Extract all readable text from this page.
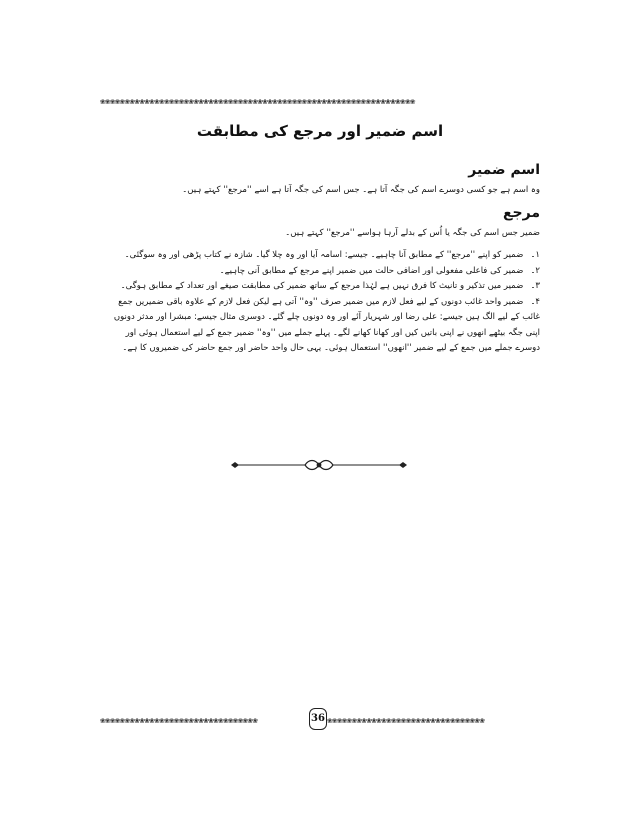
❀❀❀❀❀❀❀❀❀❀❀❀❀❀❀❀❀❀❀❀❀❀❀❀❀❀❀❀❀❀❀❀❀❀❀❀❀❀❀❀❀❀❀❀❀❀❀❀❀❀❀❀❀❀❀❀❀❀❀❀❀❀❀❀
اسم ضمیر اور مرجع کی مطابقت
اسم ضمیر

وہ اسم ہے جو کسی دوسرے اسم کی جگہ آتا ہے۔ جس اسم کی جگہ آتا ہے اسے ''مرجع'' کہتے ہیں۔

مرجع

ضمیر جس اسم کی جگہ یا اُس کے بدلے آرہا ہواسے ''مرجع'' کہتے ہیں۔

۱۔ ضمیر کو اپنے ''مرجع'' کے مطابق آنا چاہیے۔ جیسے: اسامہ آیا اور وہ چلا گیا۔ شازہ نے کتاب پڑھی اور وہ سوگئی۔

۲۔ ضمیر کی فاعلی مفعولی اور اضافی حالت میں ضمیر اپنے مرجع کے مطابق آنی چاہیے۔

۳۔ ضمیر میں تذکیر و تانیث کا فرق نہیں ہے لہٰذا مرجع کے ساتھ ضمیر کی مطابقت صیغے اور تعداد کے مطابق ہوگی۔

۴۔ ضمیر واحد غائب دونوں کے لیے فعل لازم میں ضمیر صرف ''وہ'' آتی ہے لیکن فعل لازم کے علاوہ باقی ضمیریں جمع غائب کے لیے الگ ہیں جیسے: علی رضا اور شہریار آئے اور وہ دونوں چلے گئے۔ دوسری مثال جیسے: مبشرا اور مدثر دونوں اپنی جگہ بیٹھے انھوں نے اپنی باتیں کیں اور کھانا کھانے لگے۔ پہلے جملے میں ''وہ'' ضمیر جمع کے لیے استعمال ہوئی اور دوسرے جملے میں جمع کے لیے ضمیر ''انھوں'' استعمال ہوئی۔ یہی حال واحد حاضر اور جمع حاضر کی ضمیروں کا ہے۔

❀❀❀❀❀❀❀❀❀❀❀❀❀❀❀❀❀❀❀❀❀❀❀❀❀❀❀❀❀❀❀❀	36 ❀❀❀❀❀❀❀❀❀❀❀❀❀❀❀❀❀❀❀❀❀❀❀❀❀❀❀❀❀❀❀❀
